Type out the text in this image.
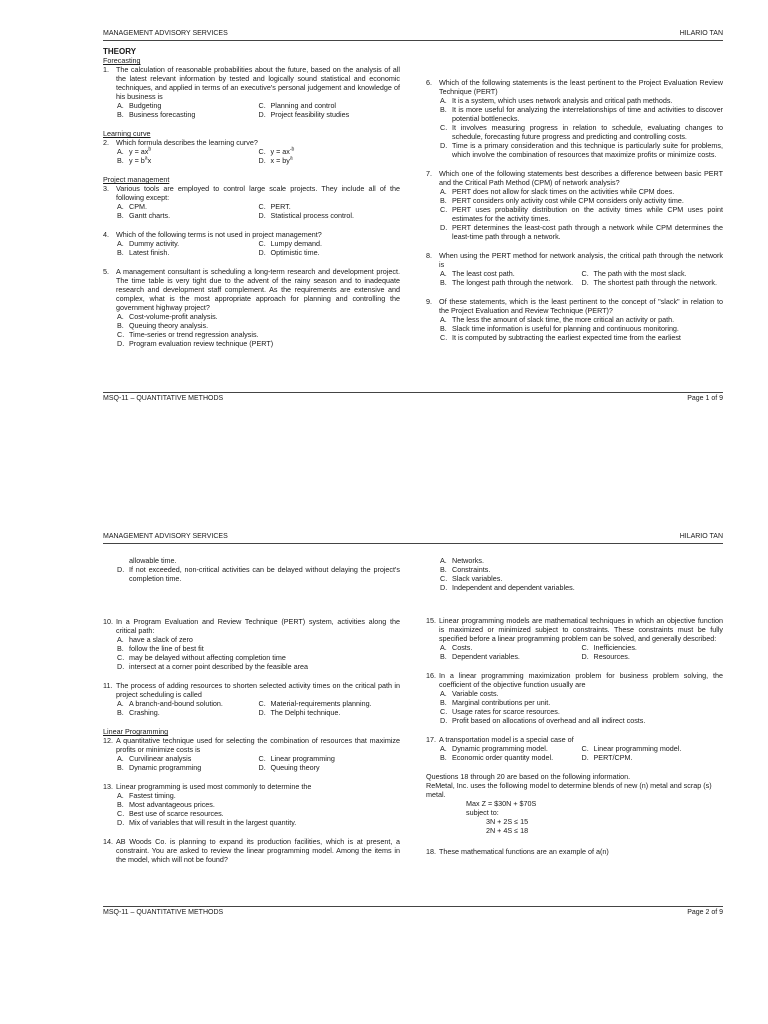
MANAGEMENT ADVISORY SERVICES	HILARIO TAN
THEORY
Forecasting
1. The calculation of reasonable probabilities about the future, based on the analysis of all the latest relevant information by tested and logically sound statistical and economic techniques, and applied in terms of an executive's personal judgement and knowledge of his business is
A. Budgeting	C. Planning and control
B. Business forecasting	D. Project feasibility studies
Learning curve
2. Which formula describes the learning curve?
A. $y = ax^b$	C. $y = ax^{-b}$
B. $y = b^ax$	D. $x = by^a$
Project management
3. Various tools are employed to control large scale projects. They include all of the following except:
A. CPM.	C. PERT.
B. Gantt charts.	D. Statistical process control.
4. Which of the following terms is not used in project management?
A. Dummy activity.	C. Lumpy demand.
B. Latest finish.	D. Optimistic time.
5. A management consultant is scheduling a long-term research and development project. The time table is very tight due to the advent of the rainy season and to inadequate research and development staff complement. As the requirements are extensive and complex, what is the most appropriate approach for planning and controlling the government highway project?
A. Cost-volume-profit analysis.
B. Queuing theory analysis.
C. Time-series or trend regression analysis.
D. Program evaluation review technique (PERT)
6. Which of the following statements is the least pertinent to the Project Evaluation Review Technique (PERT)
A. It is a system, which uses network analysis and critical path methods.
B. It is more useful for analyzing the interrelationships of time and activities to discover potential bottlenecks.
C. It involves measuring progress in relation to schedule, evaluating changes to schedule, forecasting future progress and predicting and controlling costs.
D. Time is a primary consideration and this technique is particularly suite for problems, which involve the combination of resources that maximize profits or minimize costs.
7. Which one of the following statements best describes a difference between basic PERT and the Critical Path Method (CPM) of network analysis?
A. PERT does not allow for slack times on the activities while CPM does.
B. PERT considers only activity cost while CPM considers only activity time.
C. PERT uses probability distribution on the activity times while CPM uses point estimates for the activity times.
D. PERT determines the least-cost path through a network while CPM determines the least-time path through a network.
8. When using the PERT method for network analysis, the critical path through the network is
A. The least cost path.	C. The path with the most slack.
B. The longest path through the network.	D. The shortest path through the network.
9. Of these statements, which is the least pertinent to the concept of "slack" in relation to the Project Evaluation and Review Technique (PERT)?
A. The less the amount of slack time, the more critical an activity or path.
B. Slack time information is useful for planning and continuous monitoring.
C. It is computed by subtracting the earliest expected time from the earliest
MSQ-11 – QUANTITATIVE METHODS	Page 1 of 9
MANAGEMENT ADVISORY SERVICES	HILARIO TAN
allowable time.
D. If not exceeded, non-critical activities can be delayed without delaying the project's completion time.
10. In a Program Evaluation and Review Technique (PERT) system, activities along the critical path:
A. have a slack of zero
B. follow the line of best fit
C. may be delayed without affecting completion time
D. intersect at a corner point described by the feasible area
11. The process of adding resources to shorten selected activity times on the critical path in project scheduling is called
A. A branch-and-bound solution.	C. Material-requirements planning.
B. Crashing.	D. The Delphi technique.
Linear Programming
12. A quantitative technique used for selecting the combination of resources that maximize profits or minimize costs is
A. Curvilinear analysis	C. Linear programming
B. Dynamic programming	D. Queuing theory
13. Linear programming is used most commonly to determine the
A. Fastest timing.
B. Most advantageous prices.
C. Best use of scarce resources.
D. Mix of variables that will result in the largest quantity.
14. AB Woods Co. is planning to expand its production facilities, which is at present, a constraint. You are asked to review the linear programming model. Among the items in the model, which will not be found?
A. Networks.
B. Constraints.
C. Slack variables.
D. Independent and dependent variables.
15. Linear programming models are mathematical techniques in which an objective function is maximized or minimized subject to constraints. These constraints must be fully specified before a linear programming problem can be solved, and generally described:
A. Costs.	C. Inefficiencies.
B. Dependent variables.	D. Resources.
16. In a linear programming maximization problem for business problem solving, the coefficient of the objective function usually are
A. Variable costs.
B. Marginal contributions per unit.
C. Usage rates for scarce resources.
D. Profit based on allocations of overhead and all indirect costs.
17. A transportation model is a special case of
A. Dynamic programming model.	C. Linear programming model.
B. Economic order quantity model.	D. PERT/CPM.
Questions 18 through 20 are based on the following information.
ReMetal, Inc. uses the following model to determine blends of new (n) metal and scrap (s) metal.
Max Z = $30N + $70S
subject to:
3N + 2S ≤ 15
2N + 4S ≤ 18
18. These mathematical functions are an example of a(n)
MSQ-11 – QUANTITATIVE METHODS	Page 2 of 9
